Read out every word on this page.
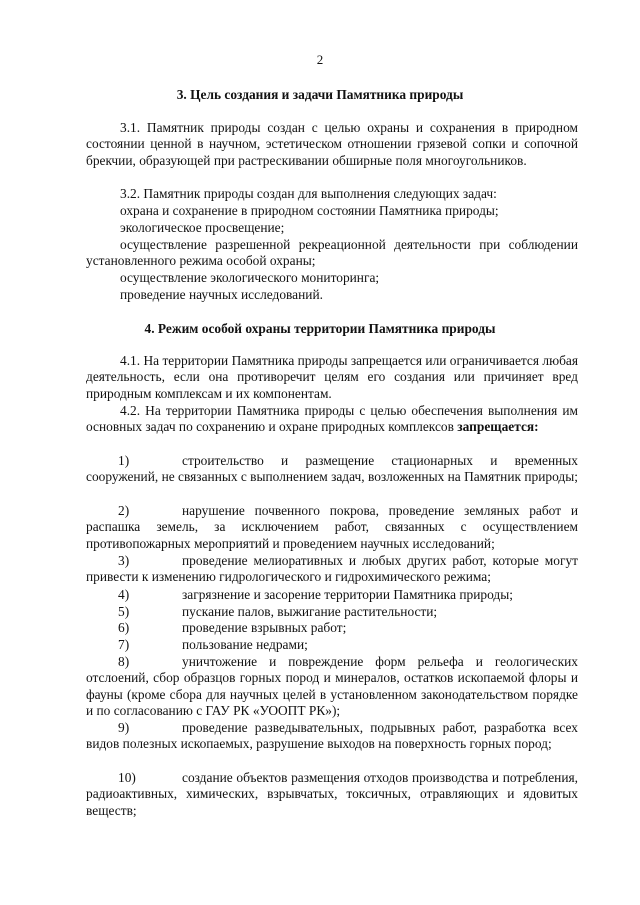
2
3. Цель создания и задачи Памятника природы
3.1. Памятник природы создан с целью охраны и сохранения в природном состоянии ценной в научном, эстетическом отношении грязевой сопки и сопочной брекчии, образующей при растрескивании обширные поля многоугольников.
3.2. Памятник природы создан для выполнения следующих задач:
охрана и сохранение в природном состоянии Памятника природы;
экологическое просвещение;
осуществление разрешенной рекреационной деятельности при соблюдении установленного режима особой охраны;
осуществление экологического мониторинга;
проведение научных исследований.
4. Режим особой охраны территории Памятника природы
4.1. На территории Памятника природы запрещается или ограничивается любая деятельность, если она противоречит целям его создания или причиняет вред природным комплексам и их компонентам.
4.2. На территории Памятника природы с целью обеспечения выполнения им основных задач по сохранению и охране природных комплексов запрещается:
1)	строительство и размещение стационарных и временных сооружений, не связанных с выполнением задач, возложенных на Памятник природы;
2)	нарушение почвенного покрова, проведение земляных работ и распашка земель, за исключением работ, связанных с осуществлением противопожарных мероприятий и проведением научных исследований;
3)	проведение мелиоративных и любых других работ, которые могут привести к изменению гидрологического и гидрохимического режима;
4)	загрязнение и засорение территории Памятника природы;
5)	пускание палов, выжигание растительности;
6)	проведение взрывных работ;
7)	пользование недрами;
8)	уничтожение и повреждение форм рельефа и геологических отслоений, сбор образцов горных пород и минералов, остатков ископаемой флоры и фауны (кроме сбора для научных целей в установленном законодательством порядке и по согласованию с ГАУ РК «УООПТ РК»);
9)	проведение разведывательных, подрывных работ, разработка всех видов полезных ископаемых, разрушение выходов на поверхность горных пород;
10)	создание объектов размещения отходов производства и потребления, радиоактивных, химических, взрывчатых, токсичных, отравляющих и ядовитых веществ;
